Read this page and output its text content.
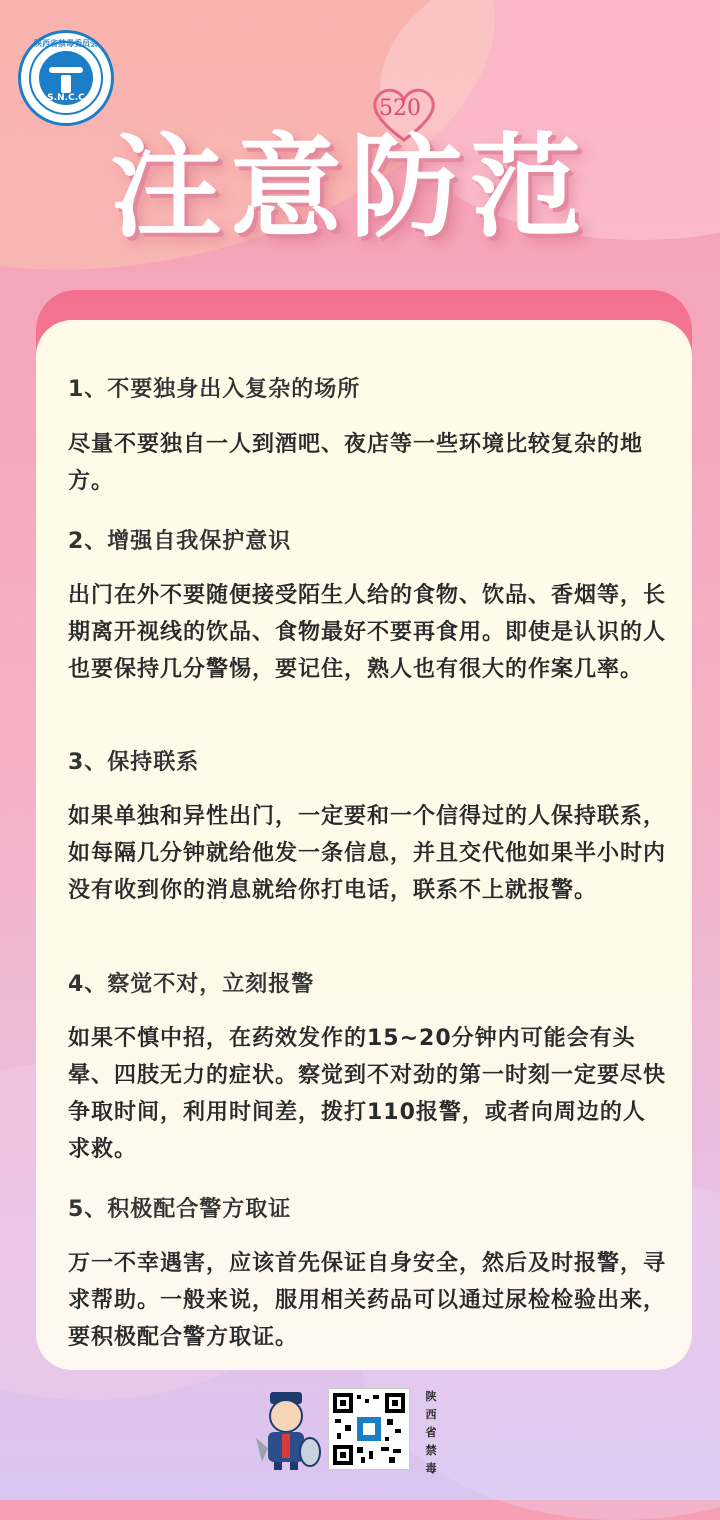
陕西省禁毒委员会
S.N.C.C	520
注意防范
1、不要独身出入复杂的场所
尽量不要独自一人到酒吧、夜店等一些环境比较复杂的地方。
2、增强自我保护意识
出门在外不要随便接受陌生人给的食物、饮品、香烟等，长期离开视线的饮品、食物最好不要再食用。即使是认识的人也要保持几分警惕，要记住，熟人也有很大的作案几率。
3、保持联系
如果单独和异性出门，一定要和一个信得过的人保持联系，如每隔几分钟就给他发一条信息，并且交代他如果半小时内没有收到你的消息就给你打电话，联系不上就报警。
4、察觉不对，立刻报警
如果不慎中招，在药效发作的15~20分钟内可能会有头晕、四肢无力的症状。察觉到不对劲的第一时刻一定要尽快争取时间，利用时间差，拨打110报警，或者向周边的人求救。
5、积极配合警方取证
万一不幸遇害，应该首先保证自身安全，然后及时报警，寻求帮助。一般来说，服用相关药品可以通过尿检检验出来，要积极配合警方取证。
陕西省禁毒
